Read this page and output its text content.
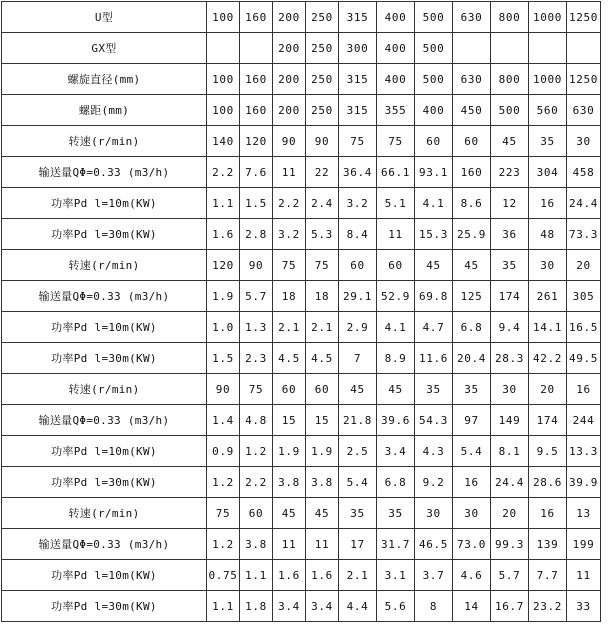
U型	100	160	200	250	315	400	500	630	800	1000	1250
GX型			200	250	300	400	500				
螺旋直径(mm)	100	160	200	250	315	400	500	630	800	1000	1250
螺距(mm)	100	160	200	250	315	355	400	450	500	560	630
转速(r/min)	140	120	90	90	75	75	60	60	45	35	30
输送量QΦ=0.33 (m3/h)	2.2	7.6	11	22	36.4	66.1	93.1	160	223	304	458
功率Pd l=10m(KW)	1.1	1.5	2.2	2.4	3.2	5.1	4.1	8.6	12	16	24.4
功率Pd l=30m(KW)	1.6	2.8	3.2	5.3	8.4	11	15.3	25.9	36	48	73.3
转速(r/min)	120	90	75	75	60	60	45	45	35	30	20
输送量QΦ=0.33 (m3/h)	1.9	5.7	18	18	29.1	52.9	69.8	125	174	261	305
功率Pd l=10m(KW)	1.0	1.3	2.1	2.1	2.9	4.1	4.7	6.8	9.4	14.1	16.5
功率Pd l=30m(KW)	1.5	2.3	4.5	4.5	7	8.9	11.6	20.4	28.3	42.2	49.5
转速(r/min)	90	75	60	60	45	45	35	35	30	20	16
输送量QΦ=0.33 (m3/h)	1.4	4.8	15	15	21.8	39.6	54.3	97	149	174	244
功率Pd l=10m(KW)	0.9	1.2	1.9	1.9	2.5	3.4	4.3	5.4	8.1	9.5	13.3
功率Pd l=30m(KW)	1.2	2.2	3.8	3.8	5.4	6.8	9.2	16	24.4	28.6	39.9
转速(r/min)	75	60	45	45	35	35	30	30	20	16	13
输送量QΦ=0.33 (m3/h)	1.2	3.8	11	11	17	31.7	46.5	73.0	99.3	139	199
功率Pd l=10m(KW)	0.75	1.1	1.6	1.6	2.1	3.1	3.7	4.6	5.7	7.7	11
功率Pd l=30m(KW)	1.1	1.8	3.4	3.4	4.4	5.6	8	14	16.7	23.2	33
